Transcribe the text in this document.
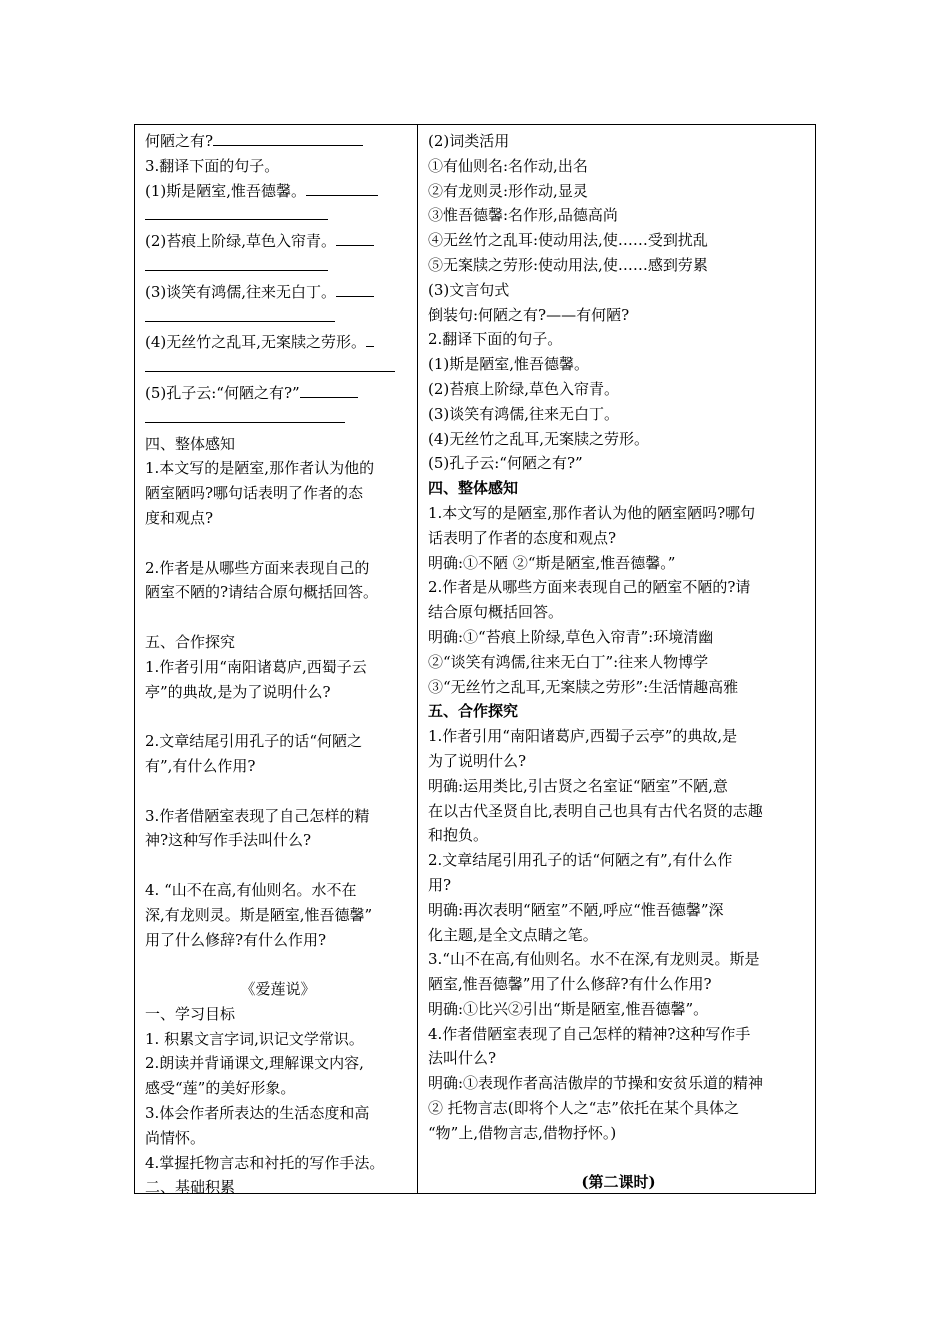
何陋之有?
3.翻译下面的句子。
(1)斯是陋室,惟吾德馨。
(2)苔痕上阶绿,草色入帘青。
(3)谈笑有鸿儒,往来无白丁。
(4)无丝竹之乱耳,无案牍之劳形。
(5)孔子云:“何陋之有?”
四、整体感知
1.本文写的是陋室,那作者认为他的
陋室陋吗?哪句话表明了作者的态
度和观点?
2.作者是从哪些方面来表现自己的
陋室不陋的?请结合原句概括回答。
五、合作探究
1.作者引用“南阳诸葛庐,西蜀子云
亭”的典故,是为了说明什么?
2.文章结尾引用孔子的话“何陋之
有”,有什么作用?
3.作者借陋室表现了自己怎样的精
神?这种写作手法叫什么?
4. “山不在高,有仙则名。水不在
深,有龙则灵。斯是陋室,惟吾德馨”
用了什么修辞?有什么作用?
《爱莲说》
一、学习目标
1. 积累文言字词,识记文学常识。
2.朗读并背诵课文,理解课文内容,
感受“莲”的美好形象。
3.体会作者所表达的生活态度和高
尚情怀。
4.掌握托物言志和衬托的写作手法。
二、基础积累
(2)词类活用
①有仙则名:名作动,出名
②有龙则灵:形作动,显灵
③惟吾德馨:名作形,品德高尚
④无丝竹之乱耳:使动用法,使……受到扰乱
⑤无案牍之劳形:使动用法,使……感到劳累
(3)文言句式
倒装句:何陋之有?——有何陋?
2.翻译下面的句子。
(1)斯是陋室,惟吾德馨。
(2)苔痕上阶绿,草色入帘青。
(3)谈笑有鸿儒,往来无白丁。
(4)无丝竹之乱耳,无案牍之劳形。
(5)孔子云:“何陋之有?”
四、整体感知
1.本文写的是陋室,那作者认为他的陋室陋吗?哪句
话表明了作者的态度和观点?
明确:①不陋 ②“斯是陋室,惟吾德馨。”
2.作者是从哪些方面来表现自己的陋室不陋的?请
结合原句概括回答。
明确:①“苔痕上阶绿,草色入帘青”:环境清幽
②“谈笑有鸿儒,往来无白丁”:往来人物博学
③“无丝竹之乱耳,无案牍之劳形”:生活情趣高雅
五、合作探究
1.作者引用“南阳诸葛庐,西蜀子云亭”的典故,是
为了说明什么?
明确:运用类比,引古贤之名室证“陋室”不陋,意
在以古代圣贤自比,表明自己也具有古代名贤的志趣
和抱负。
2.文章结尾引用孔子的话“何陋之有”,有什么作
用?
明确:再次表明“陋室”不陋,呼应“惟吾德馨”深
化主题,是全文点睛之笔。
3.“山不在高,有仙则名。水不在深,有龙则灵。斯是
陋室,惟吾德馨”用了什么修辞?有什么作用?
明确:①比兴②引出“斯是陋室,惟吾德馨”。
4.作者借陋室表现了自己怎样的精神?这种写作手
法叫什么?
明确:①表现作者高洁傲岸的节操和安贫乐道的精神
② 托物言志(即将个人之“志”依托在某个具体之
“物”上,借物言志,借物抒怀。)
(第二课时)
